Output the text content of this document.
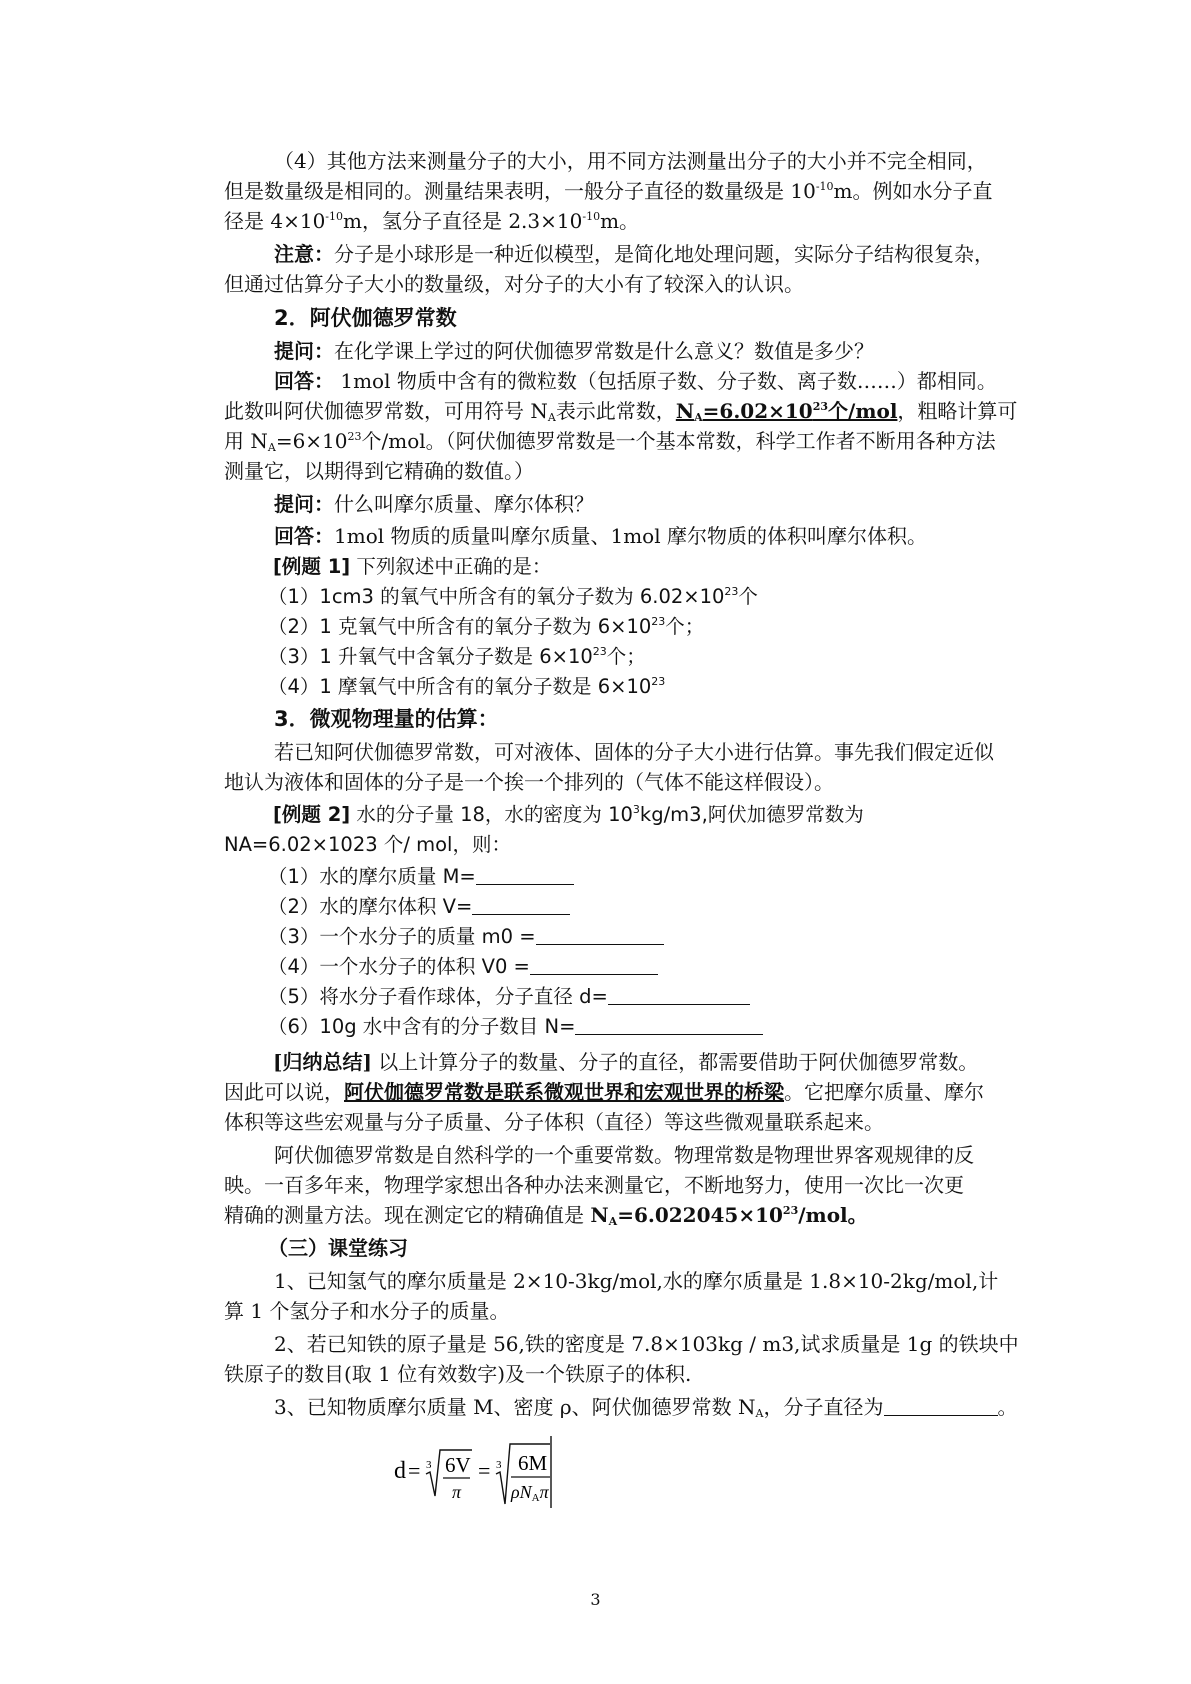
（4）其他方法来测量分子的大小，用不同方法测量出分子的大小并不完全相同，
但是数量级是相同的。测量结果表明，一般分子直径的数量级是 $10^{-10}m$。例如水分子直
径是 $4\times 10^{-10}m$，氢分子直径是 $2.3\times 10^{-10}m$。
注意：分子是小球形是一种近似模型，是简化地处理问题，实际分子结构很复杂，
但通过估算分子大小的数量级，对分子的大小有了较深入的认识。
2．阿伏伽德罗常数
提问：在化学课上学过的阿伏伽德罗常数是什么意义？数值是多少？
回答： 1mol 物质中含有的微粒数（包括原子数、分子数、离子数……）都相同。
此数叫阿伏伽德罗常数，可用符号 $N_A$表示此常数，$N_A=6.02\times 10^{23}$个/mol，粗略计算可
用 $N_A=6\times 10^{23}$个/mol。（阿伏伽德罗常数是一个基本常数，科学工作者不断用各种方法
测量它，以期得到它精确的数值。）
提问：什么叫摩尔质量、摩尔体积？
回答：1mol 物质的质量叫摩尔质量、1mol 摩尔物质的体积叫摩尔体积。
[例题 1] 下列叙述中正确的是：
（1）1cm3 的氧气中所含有的氧分子数为 $6.02\times 10^{23}$个
（2）1 克氧气中所含有的氧分子数为 $6\times 10^{23}$个；
（3）1 升氧气中含氧分子数是 $6\times 10^{23}$个；
（4）1 摩氧气中所含有的氧分子数是 $6\times 10^{23}$
3．微观物理量的估算：
若已知阿伏伽德罗常数，可对液体、固体的分子大小进行估算。事先我们假定近似
地认为液体和固体的分子是一个挨一个排列的（气体不能这样假设）。
[例题 2] 水的分子量 18，水的密度为 $10^3kg/m3$,阿伏加德罗常数为
NA=6.02×1023 个/ mol，则：
（1）水的摩尔质量 M=
（2）水的摩尔体积 V=
（3）一个水分子的质量 m0 =
（4）一个水分子的体积 V0 =
（5）将水分子看作球体，分子直径 d=
（6）10g 水中含有的分子数目 N=
[归纳总结] 以上计算分子的数量、分子的直径，都需要借助于阿伏伽德罗常数。
因此可以说，阿伏伽德罗常数是联系微观世界和宏观世界的桥梁。它把摩尔质量、摩尔
体积等这些宏观量与分子质量、分子体积（直径）等这些微观量联系起来。
阿伏伽德罗常数是自然科学的一个重要常数。物理常数是物理世界客观规律的反
映。一百多年来，物理学家想出各种办法来测量它，不断地努力，使用一次比一次更
精确的测量方法。现在测定它的精确值是 $N_A=6.022045\times 10^{23}$/mol。
（三）课堂练习
1、已知氢气的摩尔质量是 2×10-3kg/mol,水的摩尔质量是 1.8×10-2kg/mol,计
算 1 个氢分子和水分子的质量。
2、若已知铁的原子量是 56,铁的密度是 7.8×103kg / m3,试求质量是 1g 的铁块中
铁原子的数目(取 1 位有效数字)及一个铁原子的体积.
3、已知物质摩尔质量 M、密度 ρ、阿伏伽德罗常数 $N_A$，分子直径为	。
d = 3 6V
π
= 3 6M
ρNAπ
3
